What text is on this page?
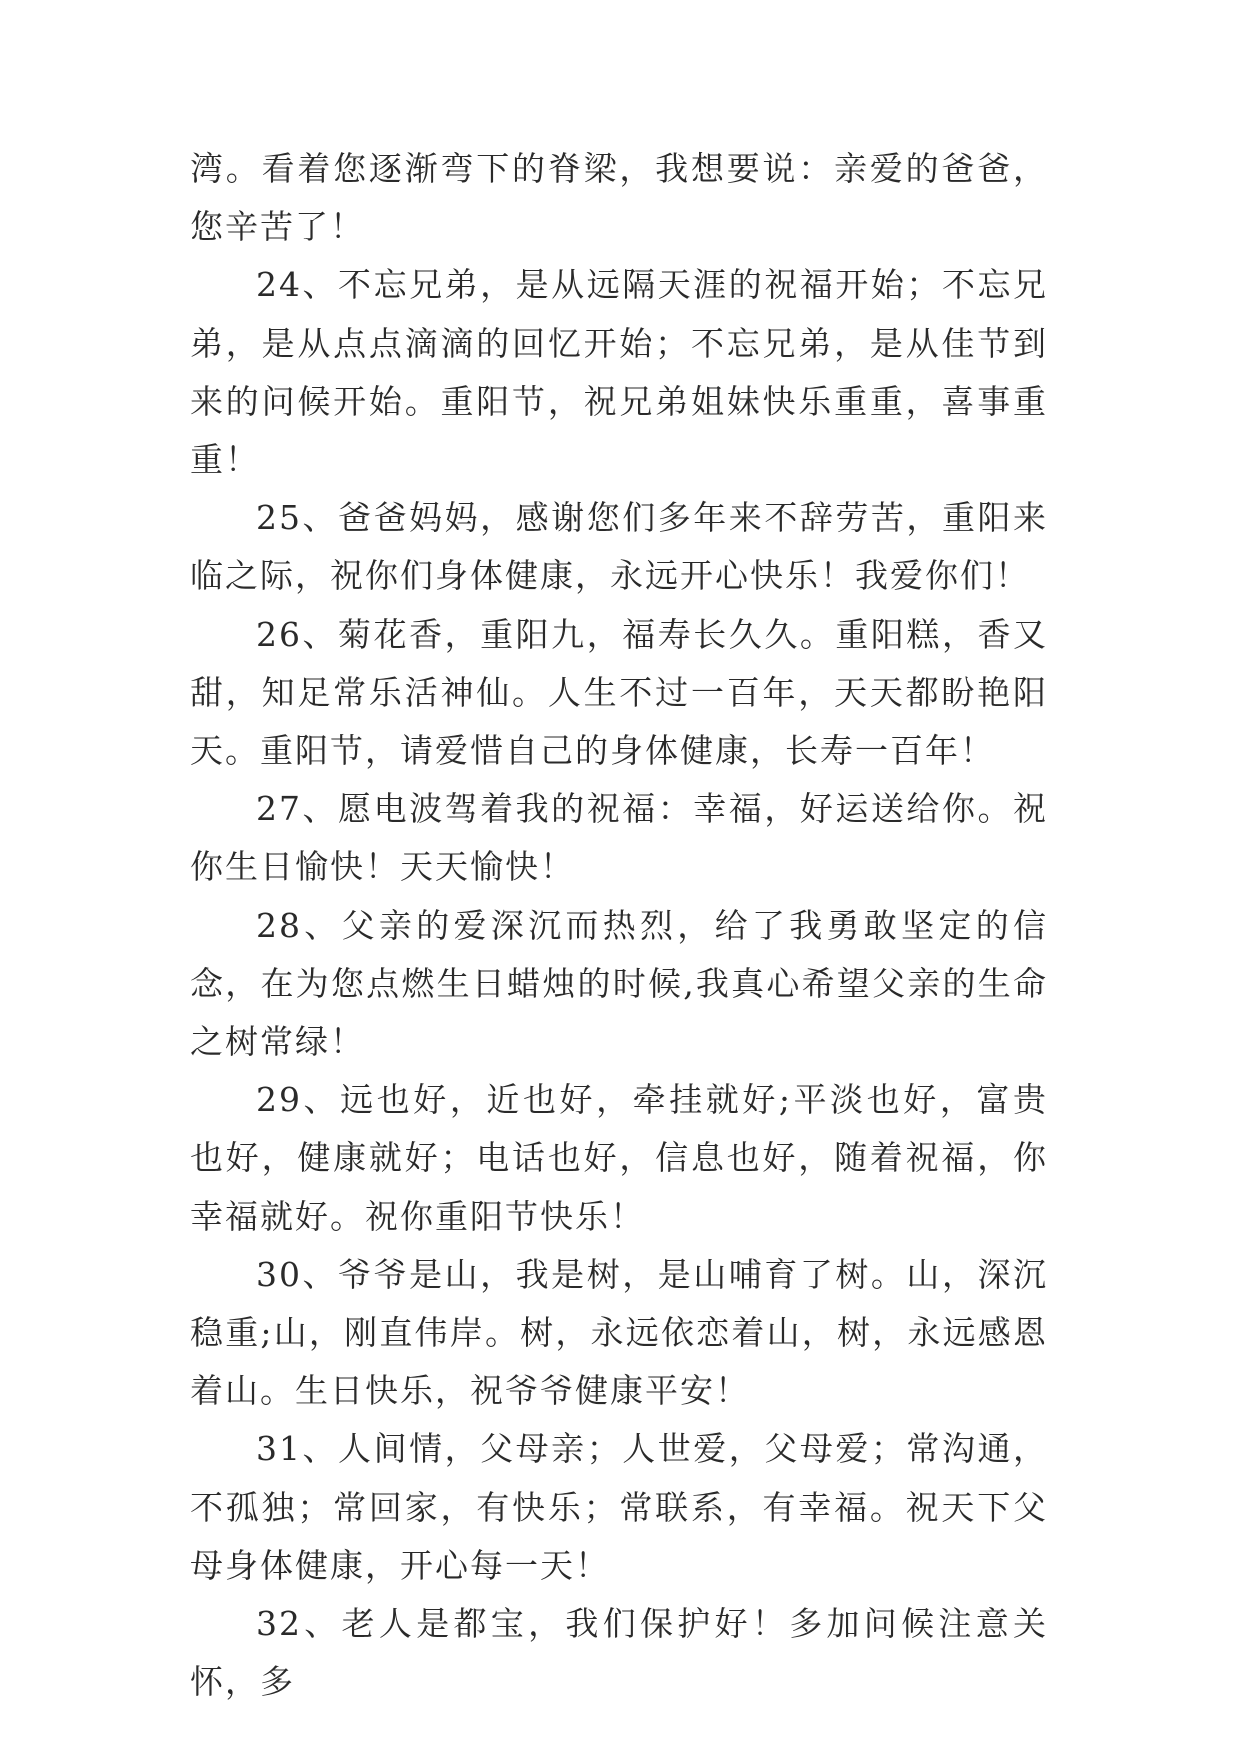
湾。看着您逐渐弯下的脊梁，我想要说：亲爱的爸爸，您辛苦了！

24、不忘兄弟，是从远隔天涯的祝福开始；不忘兄弟，是从点点滴滴的回忆开始；不忘兄弟，是从佳节到来的问候开始。重阳节，祝兄弟姐妹快乐重重，喜事重重！

25、爸爸妈妈，感谢您们多年来不辞劳苦，重阳来临之际，祝你们身体健康，永远开心快乐！我爱你们！

26、菊花香，重阳九，福寿长久久。重阳糕，香又甜，知足常乐活神仙。人生不过一百年，天天都盼艳阳天。重阳节，请爱惜自己的身体健康，长寿一百年！

27、愿电波驾着我的祝福：幸福，好运送给你。祝你生日愉快！天天愉快！

28、父亲的爱深沉而热烈，给了我勇敢坚定的信念，在为您点燃生日蜡烛的时候,我真心希望父亲的生命之树常绿！

29、远也好，近也好，牵挂就好;平淡也好，富贵也好，健康就好；电话也好，信息也好，随着祝福，你幸福就好。祝你重阳节快乐！

30、爷爷是山，我是树，是山哺育了树。山，深沉稳重;山，刚直伟岸。树，永远依恋着山，树，永远感恩着山。生日快乐，祝爷爷健康平安！

31、人间情，父母亲；人世爱，父母爱；常沟通，不孤独；常回家，有快乐；常联系，有幸福。祝天下父母身体健康，开心每一天！

32、老人是都宝，我们保护好！多加问候注意关怀，多
